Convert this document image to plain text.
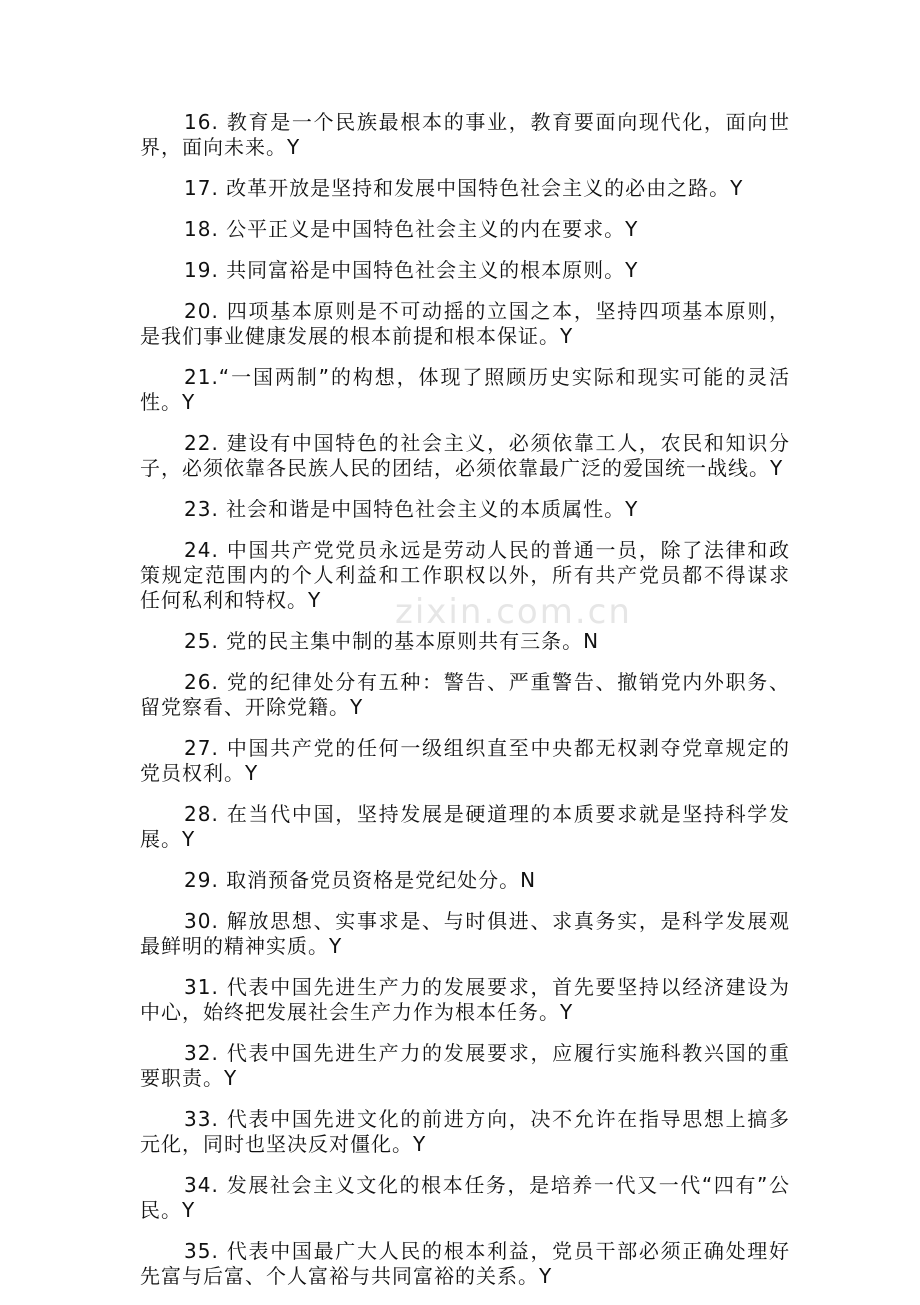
zixin.com.cn

16. 教育是一个民族最根本的事业，教育要面向现代化，面向世界，面向未来。Y

17. 改革开放是坚持和发展中国特色社会主义的必由之路。Y

18. 公平正义是中国特色社会主义的内在要求。Y

19. 共同富裕是中国特色社会主义的根本原则。Y

20. 四项基本原则是不可动摇的立国之本，坚持四项基本原则，是我们事业健康发展的根本前提和根本保证。Y

21.“一国两制”的构想，体现了照顾历史实际和现实可能的灵活性。Y

22. 建设有中国特色的社会主义，必须依靠工人，农民和知识分子，必须依靠各民族人民的团结，必须依靠最广泛的爱国统一战线。Y

23. 社会和谐是中国特色社会主义的本质属性。Y

24. 中国共产党党员永远是劳动人民的普通一员，除了法律和政策规定范围内的个人利益和工作职权以外，所有共产党员都不得谋求任何私利和特权。Y

25. 党的民主集中制的基本原则共有三条。N

26. 党的纪律处分有五种：警告、严重警告、撤销党内外职务、留党察看、开除党籍。Y

27. 中国共产党的任何一级组织直至中央都无权剥夺党章规定的党员权利。Y

28. 在当代中国，坚持发展是硬道理的本质要求就是坚持科学发展。Y

29. 取消预备党员资格是党纪处分。N

30. 解放思想、实事求是、与时俱进、求真务实，是科学发展观最鲜明的精神实质。Y

31. 代表中国先进生产力的发展要求，首先要坚持以经济建设为中心，始终把发展社会生产力作为根本任务。Y

32. 代表中国先进生产力的发展要求，应履行实施科教兴国的重要职责。Y

33. 代表中国先进文化的前进方向，决不允许在指导思想上搞多元化，同时也坚决反对僵化。Y

34. 发展社会主义文化的根本任务，是培养一代又一代“四有”公民。Y

35. 代表中国最广大人民的根本利益，党员干部必须正确处理好先富与后富、个人富裕与共同富裕的关系。Y
